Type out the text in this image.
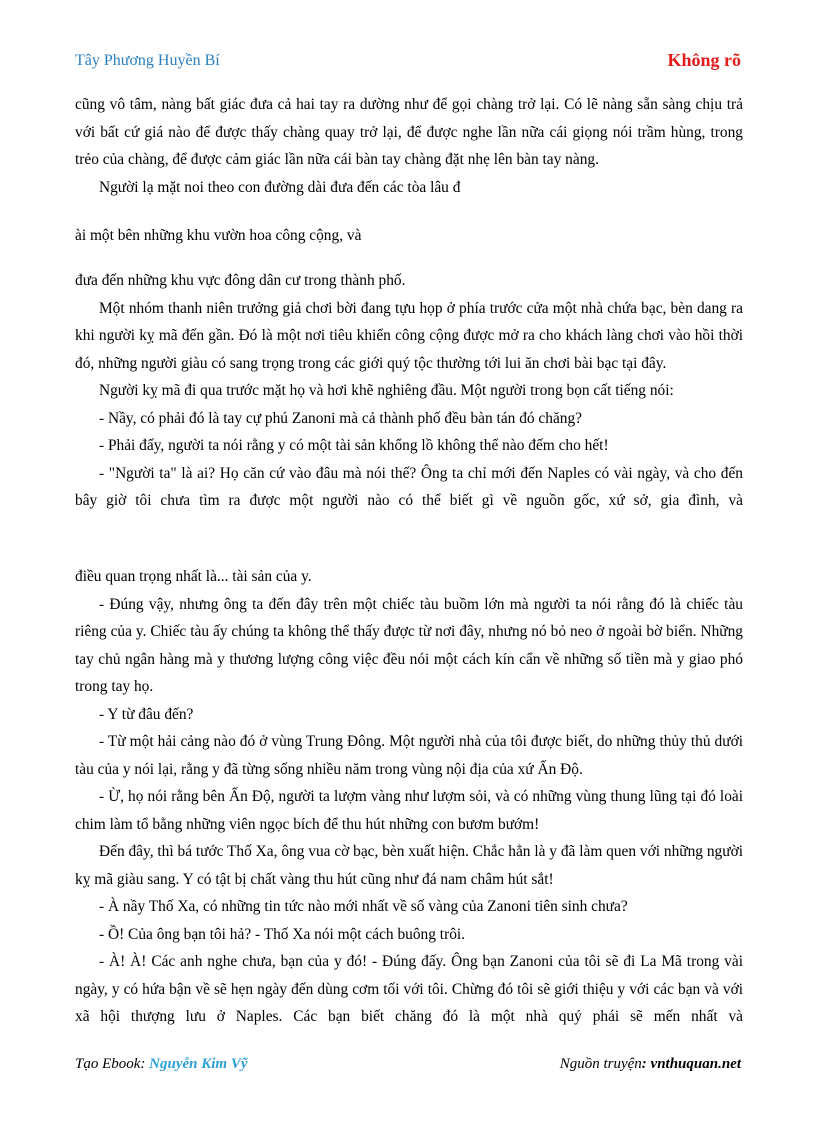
Tây Phương Huyền Bí	Không rõ

cũng vô tâm, nàng bất giác đưa cả hai tay ra dường như để gọi chàng trở lại. Có lẽ nàng sẵn sàng chịu trả với bất cứ giá nào để được thấy chàng quay trở lại, để được nghe lần nữa cái giọng nói trầm hùng, trong trẻo của chàng, để được cảm giác lần nữa cái bàn tay chàng đặt nhẹ lên bàn tay nàng.

Người lạ mặt noi theo con đường dài đưa đến các tòa lâu đ

ài một bên những khu vườn hoa công cộng, và

đưa đến những khu vực đông dân cư trong thành phố.

Một nhóm thanh niên trưởng giả chơi bời đang tựu họp ở phía trước cửa một nhà chứa bạc, bèn dang ra khi người kỵ mã đến gần. Đó là một nơi tiêu khiển công cộng được mở ra cho khách làng chơi vào hồi thời đó, những người giàu có sang trọng trong các giới quý tộc thường tới lui ăn chơi bài bạc tại đây.

Người kỵ mã đi qua trước mặt họ và hơi khẽ nghiêng đầu. Một người trong bọn cất tiếng nói:

- Nầy, có phải đó là tay cự phú Zanoni mà cả thành phố đều bàn tán đó chăng?

- Phải đấy, người ta nói rằng y có một tài sản khổng lồ không thể nào đếm cho hết!

- "Người ta" là ai? Họ căn cứ vào đâu mà nói thế? Ông ta chỉ mới đến Naples có vài ngày, và cho đến bây giờ tôi chưa tìm ra được một người nào có thể biết gì về nguồn gốc, xứ sở, gia đình, và

điều quan trọng nhất là... tài sản của y.

- Đúng vậy, nhưng ông ta đến đây trên một chiếc tàu buồm lớn mà người ta nói rằng đó là chiếc tàu riêng của y. Chiếc tàu ấy chúng ta không thể thấy được từ nơi đây, nhưng nó bỏ neo ở ngoài bờ biển. Những tay chủ ngân hàng mà y thương lượng công việc đều nói một cách kín cẩn về những số tiền mà y giao phó trong tay họ.

- Y từ đâu đến?

- Từ một hải cảng nào đó ở vùng Trung Đông. Một người nhà của tôi được biết, do những thủy thủ dưới tàu của y nói lại, rằng y đã từng sống nhiều năm trong vùng nội địa của xứ Ấn Độ.

- Ừ, họ nói rằng bên Ấn Độ, người ta lượm vàng như lượm sỏi, và có những vùng thung lũng tại đó loài chim làm tổ bằng những viên ngọc bích để thu hút những con bươm bướm!

Đến đây, thì bá tước Thố Xa, ông vua cờ bạc, bèn xuất hiện. Chắc hẳn là y đã làm quen với những người kỵ mã giàu sang. Y có tật bị chất vàng thu hút cũng như đá nam châm hút sắt!

- À nầy Thố Xa, có những tin tức nào mới nhất về số vàng của Zanoni tiên sinh chưa?

- Ồ! Của ông bạn tôi hả? - Thố Xa nói một cách buông trôi.

- À! À! Các anh nghe chưa, bạn của y đó! - Đúng đấy. Ông bạn Zanoni của tôi sẽ đi La Mã trong vài ngày, y có hứa bận về sẽ hẹn ngày đến dùng cơm tối với tôi. Chừng đó tôi sẽ giới thiệu y với các bạn và với xã hội thượng lưu ở Naples. Các bạn biết chăng đó là một nhà quý phái sẽ mến nhất và

Tạo Ebook: Nguyễn Kim Vỹ	Nguồn truyện: vnthuquan.net
